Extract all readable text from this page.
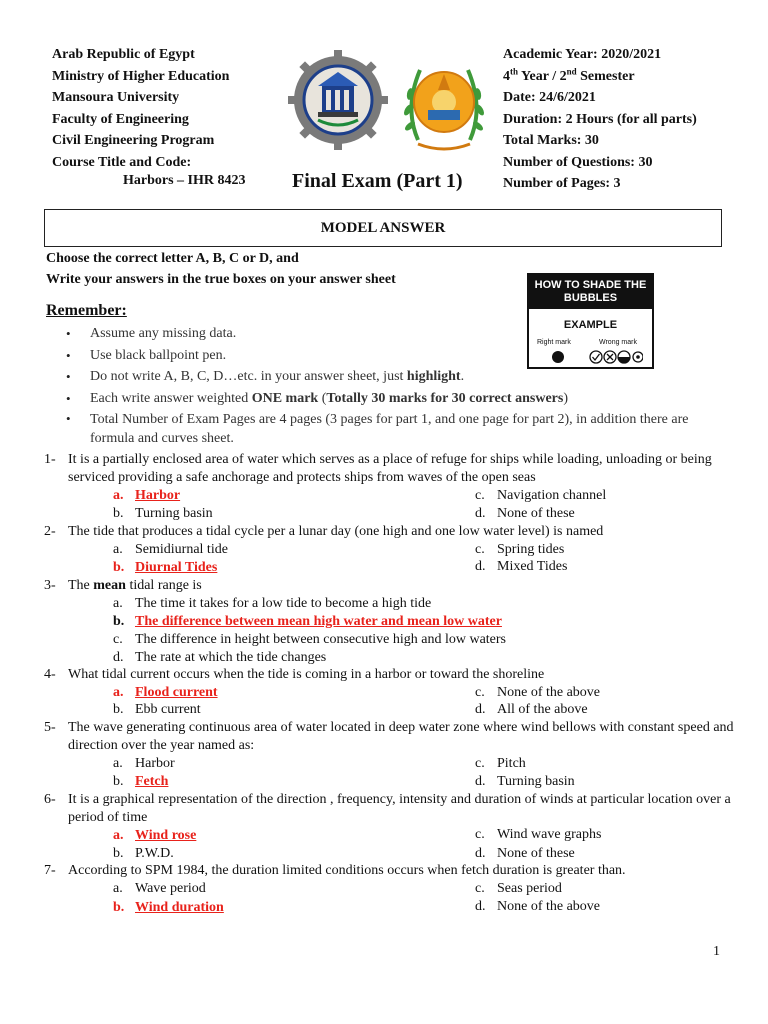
Arab Republic of Egypt
Ministry of Higher Education
Mansoura University
Faculty of Engineering
Civil Engineering Program
Course Title and Code:
Harbors – IHR 8423 Final Exam (Part 1)
Academic Year: 2020/2021
4th Year / 2nd Semester
Date: 24/6/2021
Duration: 2 Hours (for all parts)
Total Marks: 30
Number of Questions: 30
Number of Pages: 3
MODEL ANSWER
Choose the correct letter A, B, C or D, and
Write your answers in the true boxes on your answer sheet
Remember:
HOW TO SHADE THE BUBBLES
EXAMPLE
Right mark	Wrong mark
• Assume any missing data.
• Use black ballpoint pen.
• Do not write A, B, C, D…etc. in your answer sheet, just highlight.
• Each write answer weighted ONE mark (Totally 30 marks for 30 correct answers)
• Total Number of Exam Pages are 4 pages (3 pages for part 1, and one page for part 2), in addition there are formula and curves sheet.
1- It is a partially enclosed area of water which serves as a place of refuge for ships while loading, unloading or being serviced providing a safe anchorage and protects ships from waves of the open seas
a. Harbor
b. Turning basin
c. Navigation channel
d. None of these
2- The tide that produces a tidal cycle per a lunar day (one high and one low water level) is named
a. Semidiurnal tide
b. Diurnal Tides
c. Spring tides
d. Mixed Tides
3- The mean tidal range is
a. The time it takes for a low tide to become a high tide
b. The difference between mean high water and mean low water
c. The difference in height between consecutive high and low waters
d. The rate at which the tide changes
4- What tidal current occurs when the tide is coming in a harbor or toward the shoreline
a. Flood current
b. Ebb current
c. None of the above
d. All of the above
5- The wave generating continuous area of water located in deep water zone where wind bellows with constant speed and direction over the year named as:
a. Harbor
b. Fetch
c. Pitch
d. Turning basin
6- It is a graphical representation of the direction , frequency, intensity and duration of winds at particular location over a period of time
a. Wind rose
b. P.W.D.
c. Wind wave graphs
d. None of these
7- According to SPM 1984, the duration limited conditions occurs when fetch duration is greater than.
a. Wave period
b. Wind duration
c. Seas period
d. None of the above
1
